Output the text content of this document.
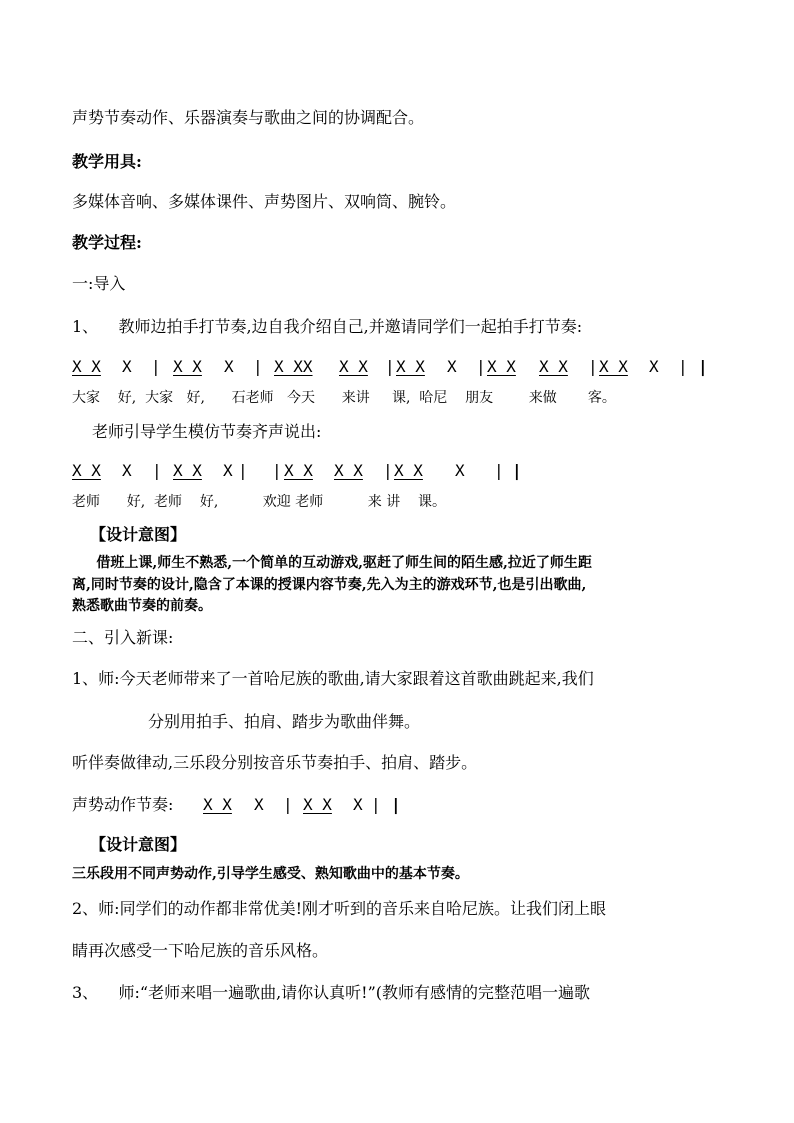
声势节奏动作、乐器演奏与歌曲之间的协调配合。
教学用具:
多媒体音响、多媒体课件、声势图片、双响筒、腕铃。
教学过程:
一:导入
1、    教师边拍手打节奏,边自我介绍自己,并邀请同学们一起拍手打节奏:
X X X | X X X | X XX X X | X X X | X X X X | X X X | |
大家    好,  大家   好,      石老师   今天      来讲     课,  哈尼    朋友        来做       客。
老师引导学生模仿节奏齐声说出:
X X X | X X X | | X X X X | X X X | |
老师      好,  老师    好,          欢迎 老师          来 讲    课。
【设计意图】
借班上课,师生不熟悉,一个简单的互动游戏,驱赶了师生间的陌生感,拉近了师生距
离,同时节奏的设计,隐含了本课的授课内容节奏,先入为主的游戏环节,也是引出歌曲,
熟悉歌曲节奏的前奏。
二、引入新课:
1、师:今天老师带来了一首哈尼族的歌曲,请大家跟着这首歌曲跳起来,我们
分别用拍手、拍肩、踏步为歌曲伴舞。
听伴奏做律动,三乐段分别按音乐节奏拍手、拍肩、踏步。
声势动作节奏: X X X | X X X | |
【设计意图】
三乐段用不同声势动作,引导学生感受、熟知歌曲中的基本节奏。
2、师:同学们的动作都非常优美!刚才听到的音乐来自哈尼族。让我们闭上眼
睛再次感受一下哈尼族的音乐风格。
3、    师:“老师来唱一遍歌曲,请你认真听!”(教师有感情的完整范唱一遍歌
